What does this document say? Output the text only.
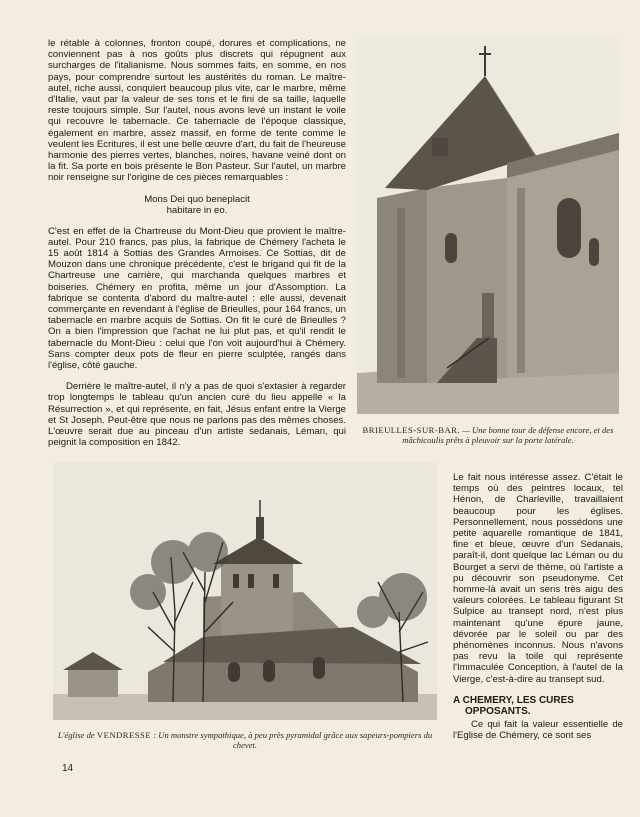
le rétable à colonnes, fronton coupé, dorures et complications, ne conviennent pas à nos goûts plus discrets qui répugnent aux surcharges de l'italianisme. Nous sommes faits, en somme, en nos pays, pour comprendre surtout les austérités du roman. Le maître-autel, riche aussi, conquiert beaucoup plus vite, car le marbre, même d'Italie, vaut par la valeur de ses tons et le fini de sa taille, laquelle reste toujours simple. Sur l'autel, nous avons levé un instant le voile qui recouvre le tabernacle. Ce tabernacle de l'époque classique, également en marbre, assez massif, en forme de tente comme le veulent les Ecritures, il est une belle œuvre d'art, du fait de l'heureuse harmonie des pierres vertes, blanches, noires, havane veiné dont on la fit. Sa porte en bois présente le Bon Pasteur. Sur l'autel, un marbre noir renseigne sur l'origine de ces pièces remarquables :

Mons Dei quo beneplacit
habitare in eo.

C'est en effet de la Chartreuse du Mont-Dieu que provient le maître-autel. Pour 210 francs, pas plus, la fabrique de Chémery l'acheta le 15 août 1814 à Sottias des Grandes Armoises. Ce Sottias, dit de Mouzon dans une chronique précédente, c'est le brigand qui fit de la Chartreuse une carrière, qui marchanda quelques marbres et boiseries. Chémery en profita, même un jour d'Assomption. La fabrique se contenta d'abord du maître-autel : elle aussi, devenait commerçante en revendant à l'église de Brieulles, pour 164 francs, un tabernacle en marbre acquis de Sottias. On fit le curé de Brieulles ? On a bien l'impression que l'achat ne lui plut pas, et qu'il rendit le tabernacle du Mont-Dieu : celui que l'on voit aujourd'hui à Chémery. Sans compter deux pots de fleur en pierre sculptée, rangés dans l'église, côté gauche.

Derrière le maître-autel, il n'y a pas de quoi s'extasier à regarder trop longtemps le tableau qu'un ancien curé du lieu appelle « la Résurrection », et qui représente, en fait, Jésus enfant entre la Vierge et St Joseph. Peut-être que nous ne parlons pas des mêmes choses. L'œuvre serait due au pinceau d'un artiste sedanais, Léman, qui peignit la composition en 1842.

BRIEULLES-SUR-BAR. — Une bonne tour de défense encore, et des mâchicoulis prêts à pleuvoir sur la porte latérale.
L'église de VENDRESSE : Un monstre sympathique, à peu près pyramidal grâce aux sapeurs-pompiers du chevet.

Le fait nous intéresse assez. C'était le temps où des peintres locaux, tel Hénon, de Charleville, travaillaient beaucoup pour les églises. Personnellement, nous possédons une petite aquarelle romantique de 1841, fine et bleue, œuvre d'un Sedanais, paraît-il, dont quelque lac Léman ou du Bourget a servi de thème, où l'artiste a pu découvrir son pseudonyme. Cet homme-là avait un sens très aigu des valeurs colorées. Le tableau figurant St Sulpice au transept nord, n'est plus maintenant qu'une épure jaune, dévorée par le soleil ou par des phénomènes inconnus. Nous n'avons pas revu la toile qui représente l'Immaculée Conception, à l'autel de la Vierge, c'est-à-dire au transept sud.

A CHEMERY, LES CURES
OPPOSANTS.

Ce qui fait la valeur essentielle de l'Eglise de Chémery, ce sont ses

14
